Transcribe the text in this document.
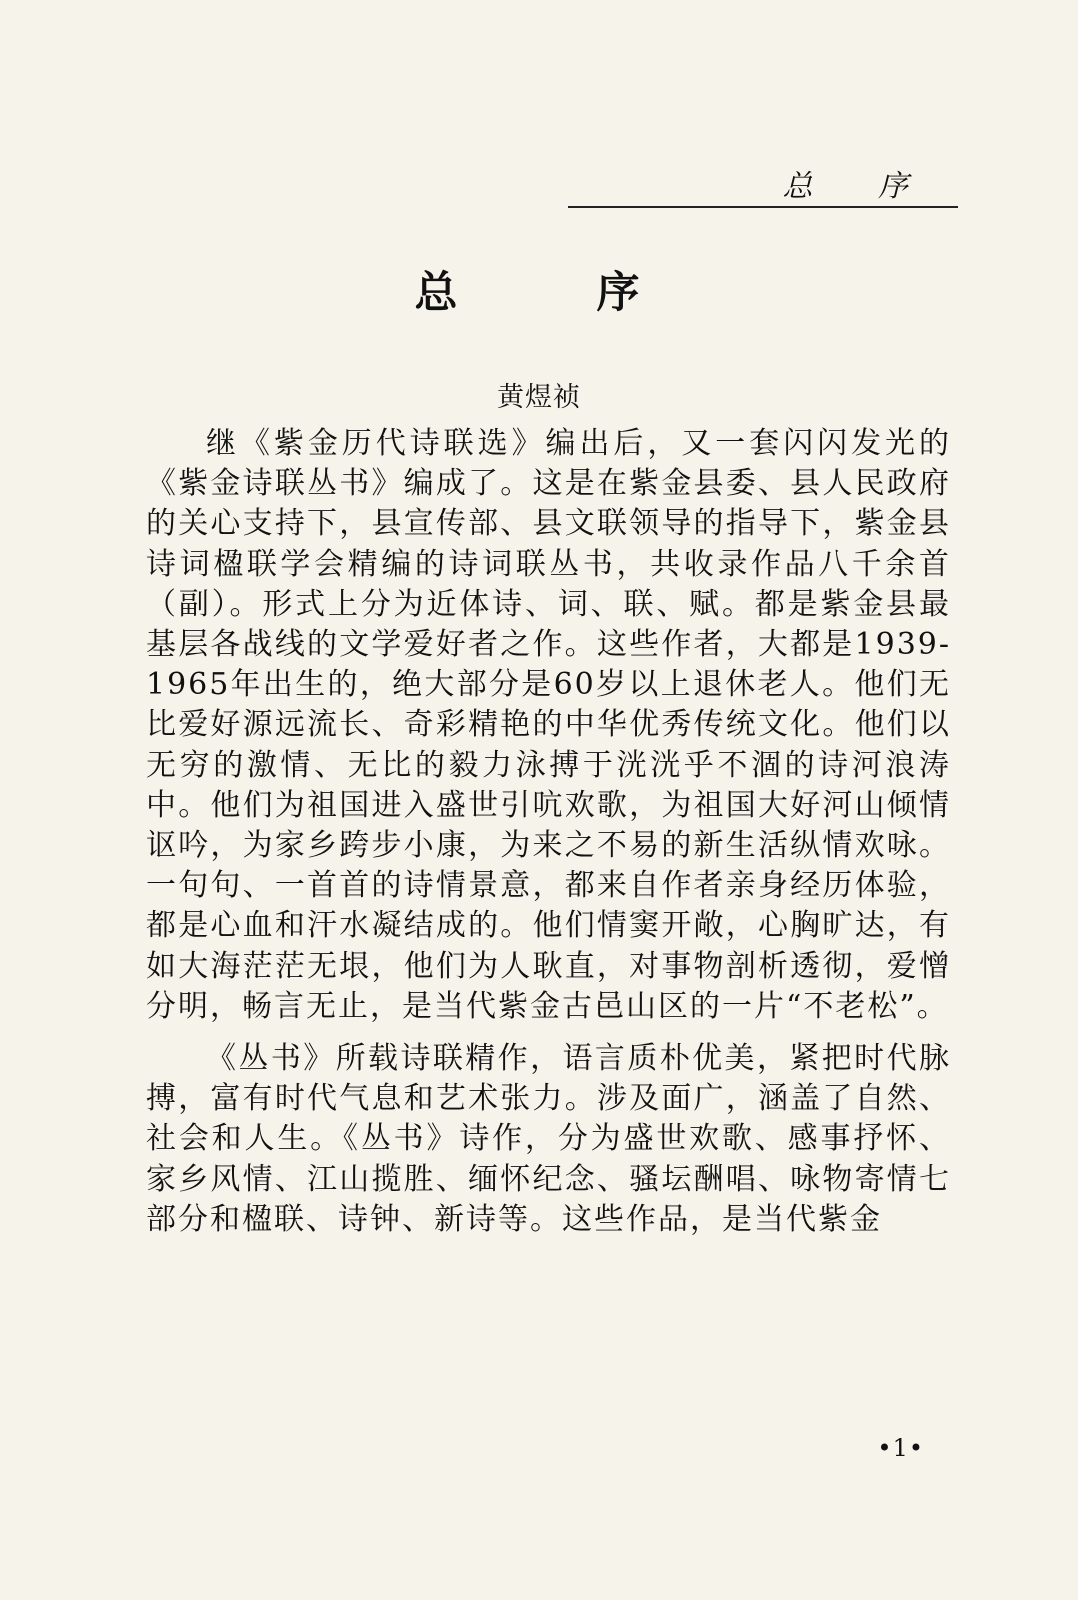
总 序
总 序
黄煜祯

继《紫金历代诗联选》编出后，又一套闪闪发光的《紫金诗联丛书》编成了。这是在紫金县委、县人民政府的关心支持下，县宣传部、县文联领导的指导下，紫金县诗词楹联学会精编的诗词联丛书，共收录作品八千余首（副）。形式上分为近体诗、词、联、赋。都是紫金县最基层各战线的文学爱好者之作。这些作者，大都是1939-1965年出生的，绝大部分是60岁以上退休老人。他们无比爱好源远流长、奇彩精艳的中华优秀传统文化。他们以无穷的激情、无比的毅力泳搏于洸洸乎不涸的诗河浪涛中。他们为祖国进入盛世引吭欢歌，为祖国大好河山倾情讴吟，为家乡跨步小康，为来之不易的新生活纵情欢咏。一句句、一首首的诗情景意，都来自作者亲身经历体验，都是心血和汗水凝结成的。他们情窦开敞，心胸旷达，有如大海茫茫无垠，他们为人耿直，对事物剖析透彻，爱憎分明，畅言无止，是当代紫金古邑山区的一片“不老松”。

《丛书》所载诗联精作，语言质朴优美，紧把时代脉搏，富有时代气息和艺术张力。涉及面广，涵盖了自然、社会和人生。《丛书》诗作，分为盛世欢歌、感事抒怀、家乡风情、江山揽胜、缅怀纪念、骚坛酬唱、咏物寄情七部分和楹联、诗钟、新诗等。这些作品，是当代紫金

•1•
